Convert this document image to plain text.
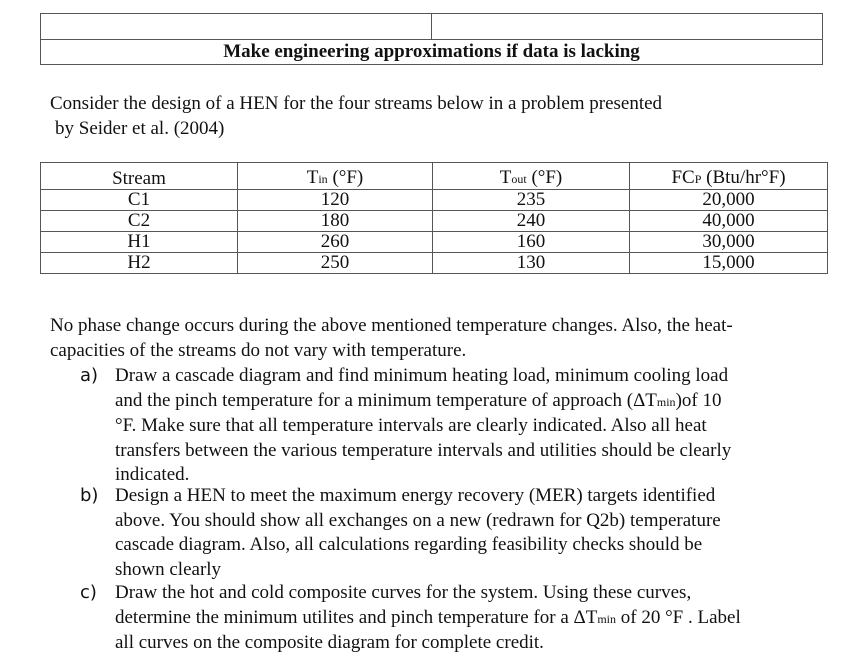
Make engineering approximations if data is lacking
Consider the design of a HEN for the four streams below in a problem presented
by Seider et al. (2004)
Stream	Tin (°F)	Tout (°F)	FCP (Btu/hr°F)
C1	120	235	20,000
C2	180	240	40,000
H1	260	160	30,000
H2	250	130	15,000
No phase change occurs during the above mentioned temperature changes. Also, the heat-
capacities of the streams do not vary with temperature.
a) Draw a cascade diagram and find minimum heating load, minimum cooling load
and the pinch temperature for a minimum temperature of approach (ΔTmin)of 10
°F. Make sure that all temperature intervals are clearly indicated. Also all heat
transfers between the various temperature intervals and utilities should be clearly
indicated.
b) Design a HEN to meet the maximum energy recovery (MER) targets identified
above. You should show all exchanges on a new (redrawn for Q2b) temperature
cascade diagram. Also, all calculations regarding feasibility checks should be
shown clearly
c) Draw the hot and cold composite curves for the system. Using these curves,
determine the minimum utilites and pinch temperature for a ΔTmin of 20 °F . Label
all curves on the composite diagram for complete credit.
